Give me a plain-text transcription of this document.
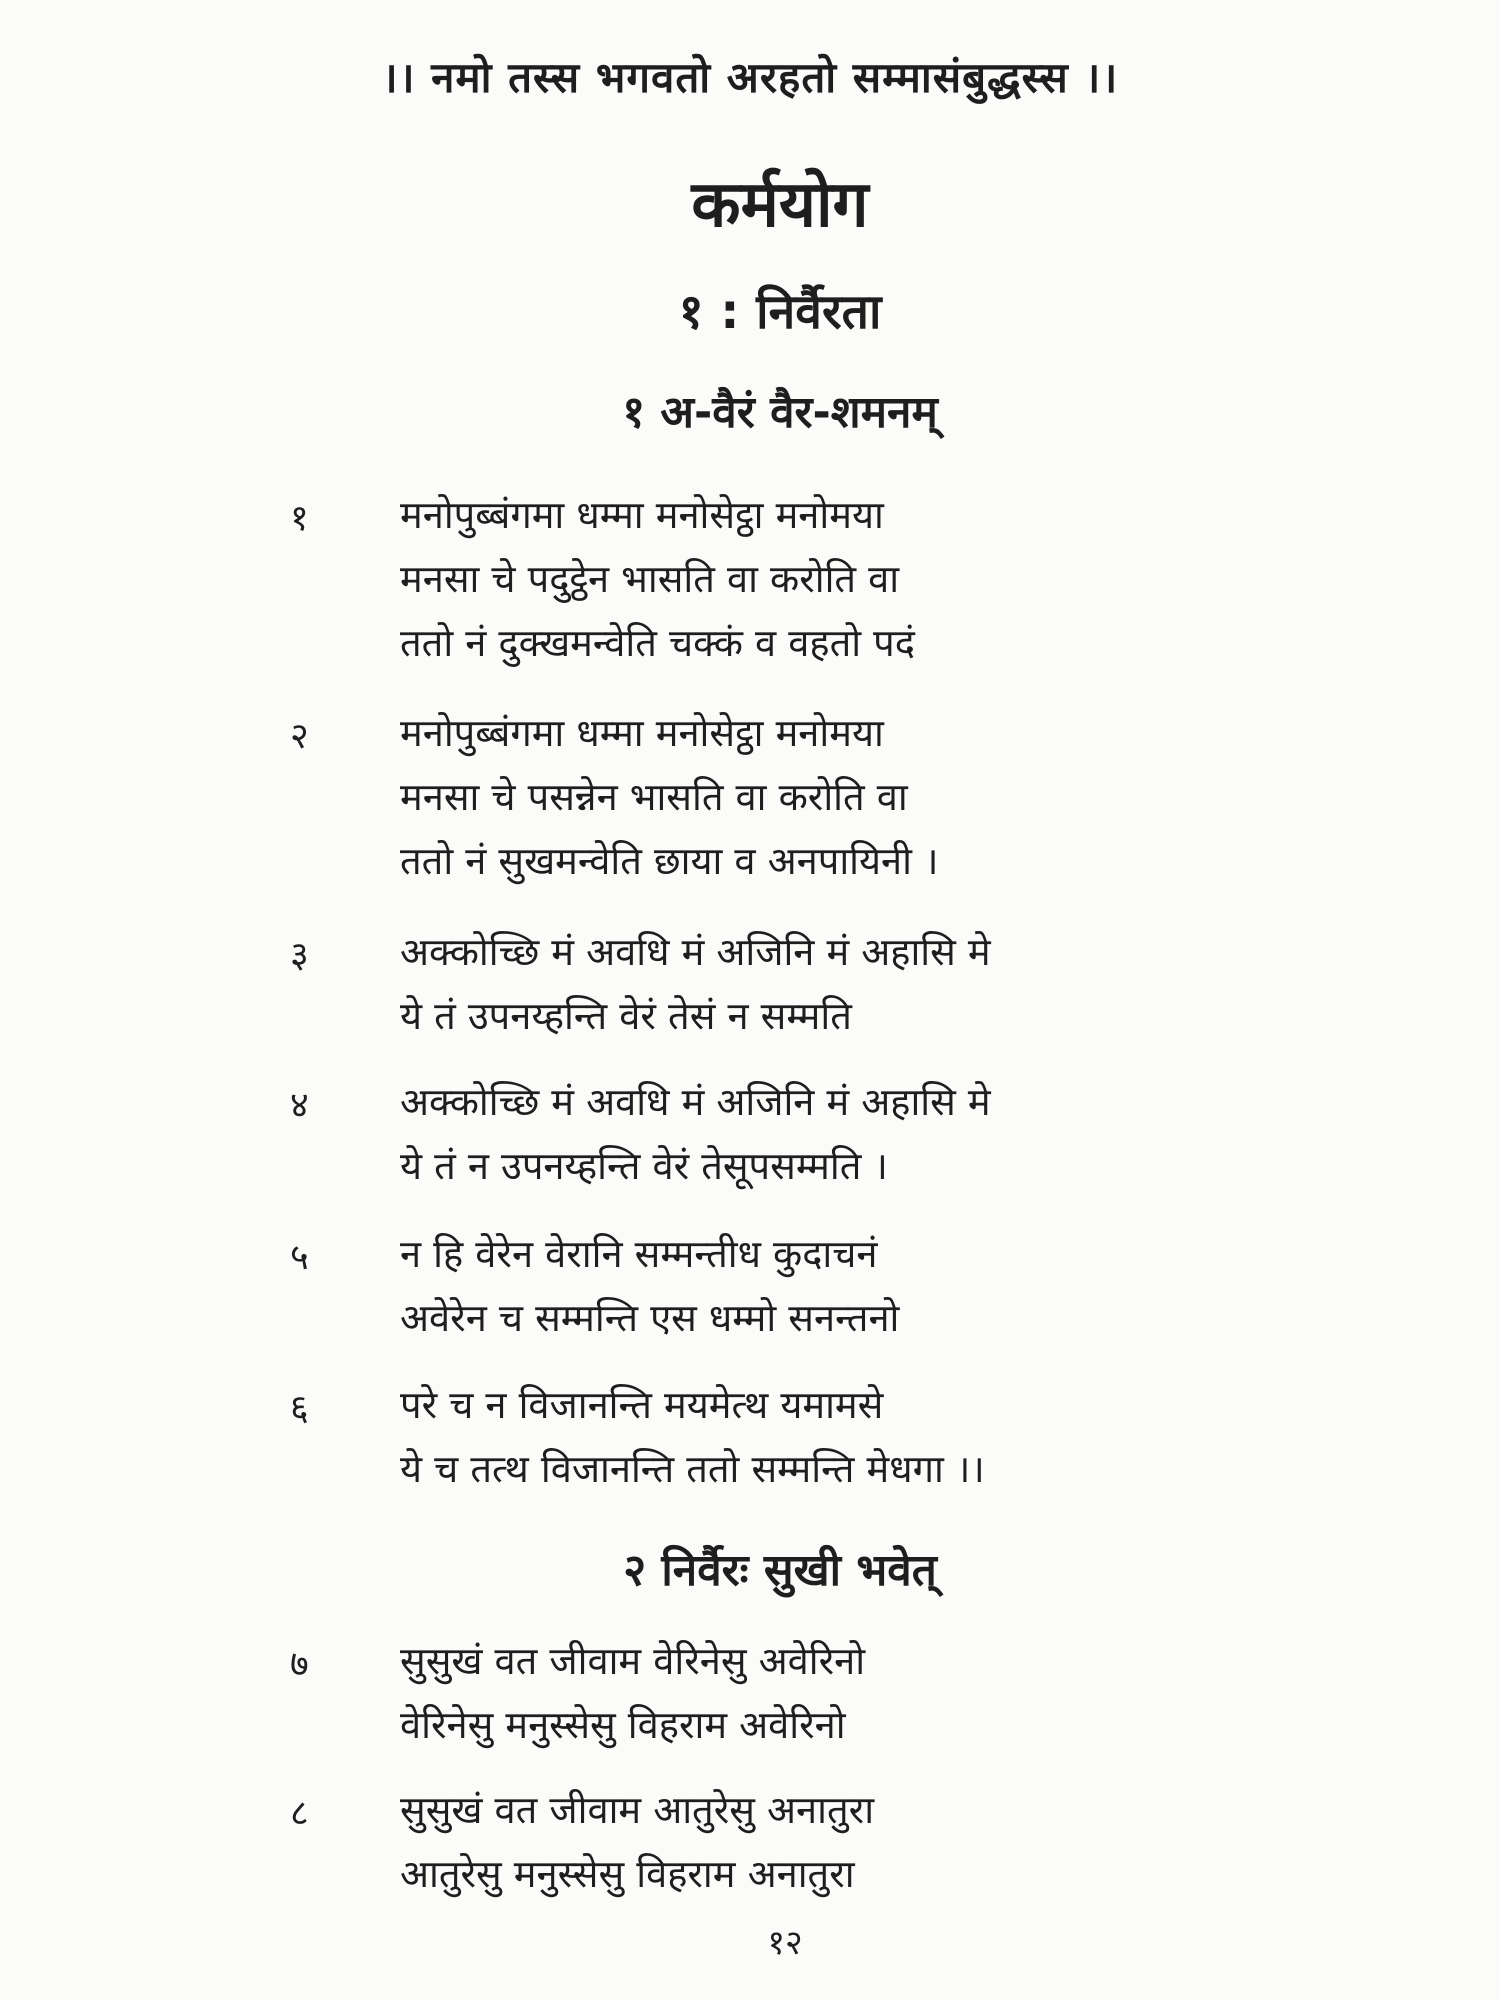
।। नमो तस्स भगवतो अरहतो सम्मासंबुद्धस्स ।।
कर्मयोग
१ : निर्वैरता
१ अ-वैरं वैर-शमनम्
१ मनोपुब्बंगमा धम्मा मनोसेट्ठा मनोमया
मनसा चे पदुट्ठेन भासति वा करोति वा
ततो नं दुक्खमन्वेति चक्कं व वहतो पदं
२ मनोपुब्बंगमा धम्मा मनोसेट्ठा मनोमया
मनसा चे पसन्नेन भासति वा करोति वा
ततो नं सुखमन्वेति छाया व अनपायिनी ।
३ अक्कोच्छि मं अवधि मं अजिनि मं अहासि मे
ये तं उपनय्हन्ति वेरं तेसं न सम्मति
४ अक्कोच्छि मं अवधि मं अजिनि मं अहासि मे
ये तं न उपनय्हन्ति वेरं तेसूपसम्मति ।
५ न हि वेरेन वेरानि सम्मन्तीध कुदाचनं
अवेरेन च सम्मन्ति एस धम्मो सनन्तनो
६ परे च न विजानन्ति मयमेत्थ यमामसे
ये च तत्थ विजानन्ति ततो सम्मन्ति मेधगा ।।
२ निर्वैरः सुखी भवेत्
७ सुसुखं वत जीवाम वेरिनेसु अवेरिनो
वेरिनेसु मनुस्सेसु विहराम अवेरिनो
८ सुसुखं वत जीवाम आतुरेसु अनातुरा
आतुरेसु मनुस्सेसु विहराम अनातुरा
१२
